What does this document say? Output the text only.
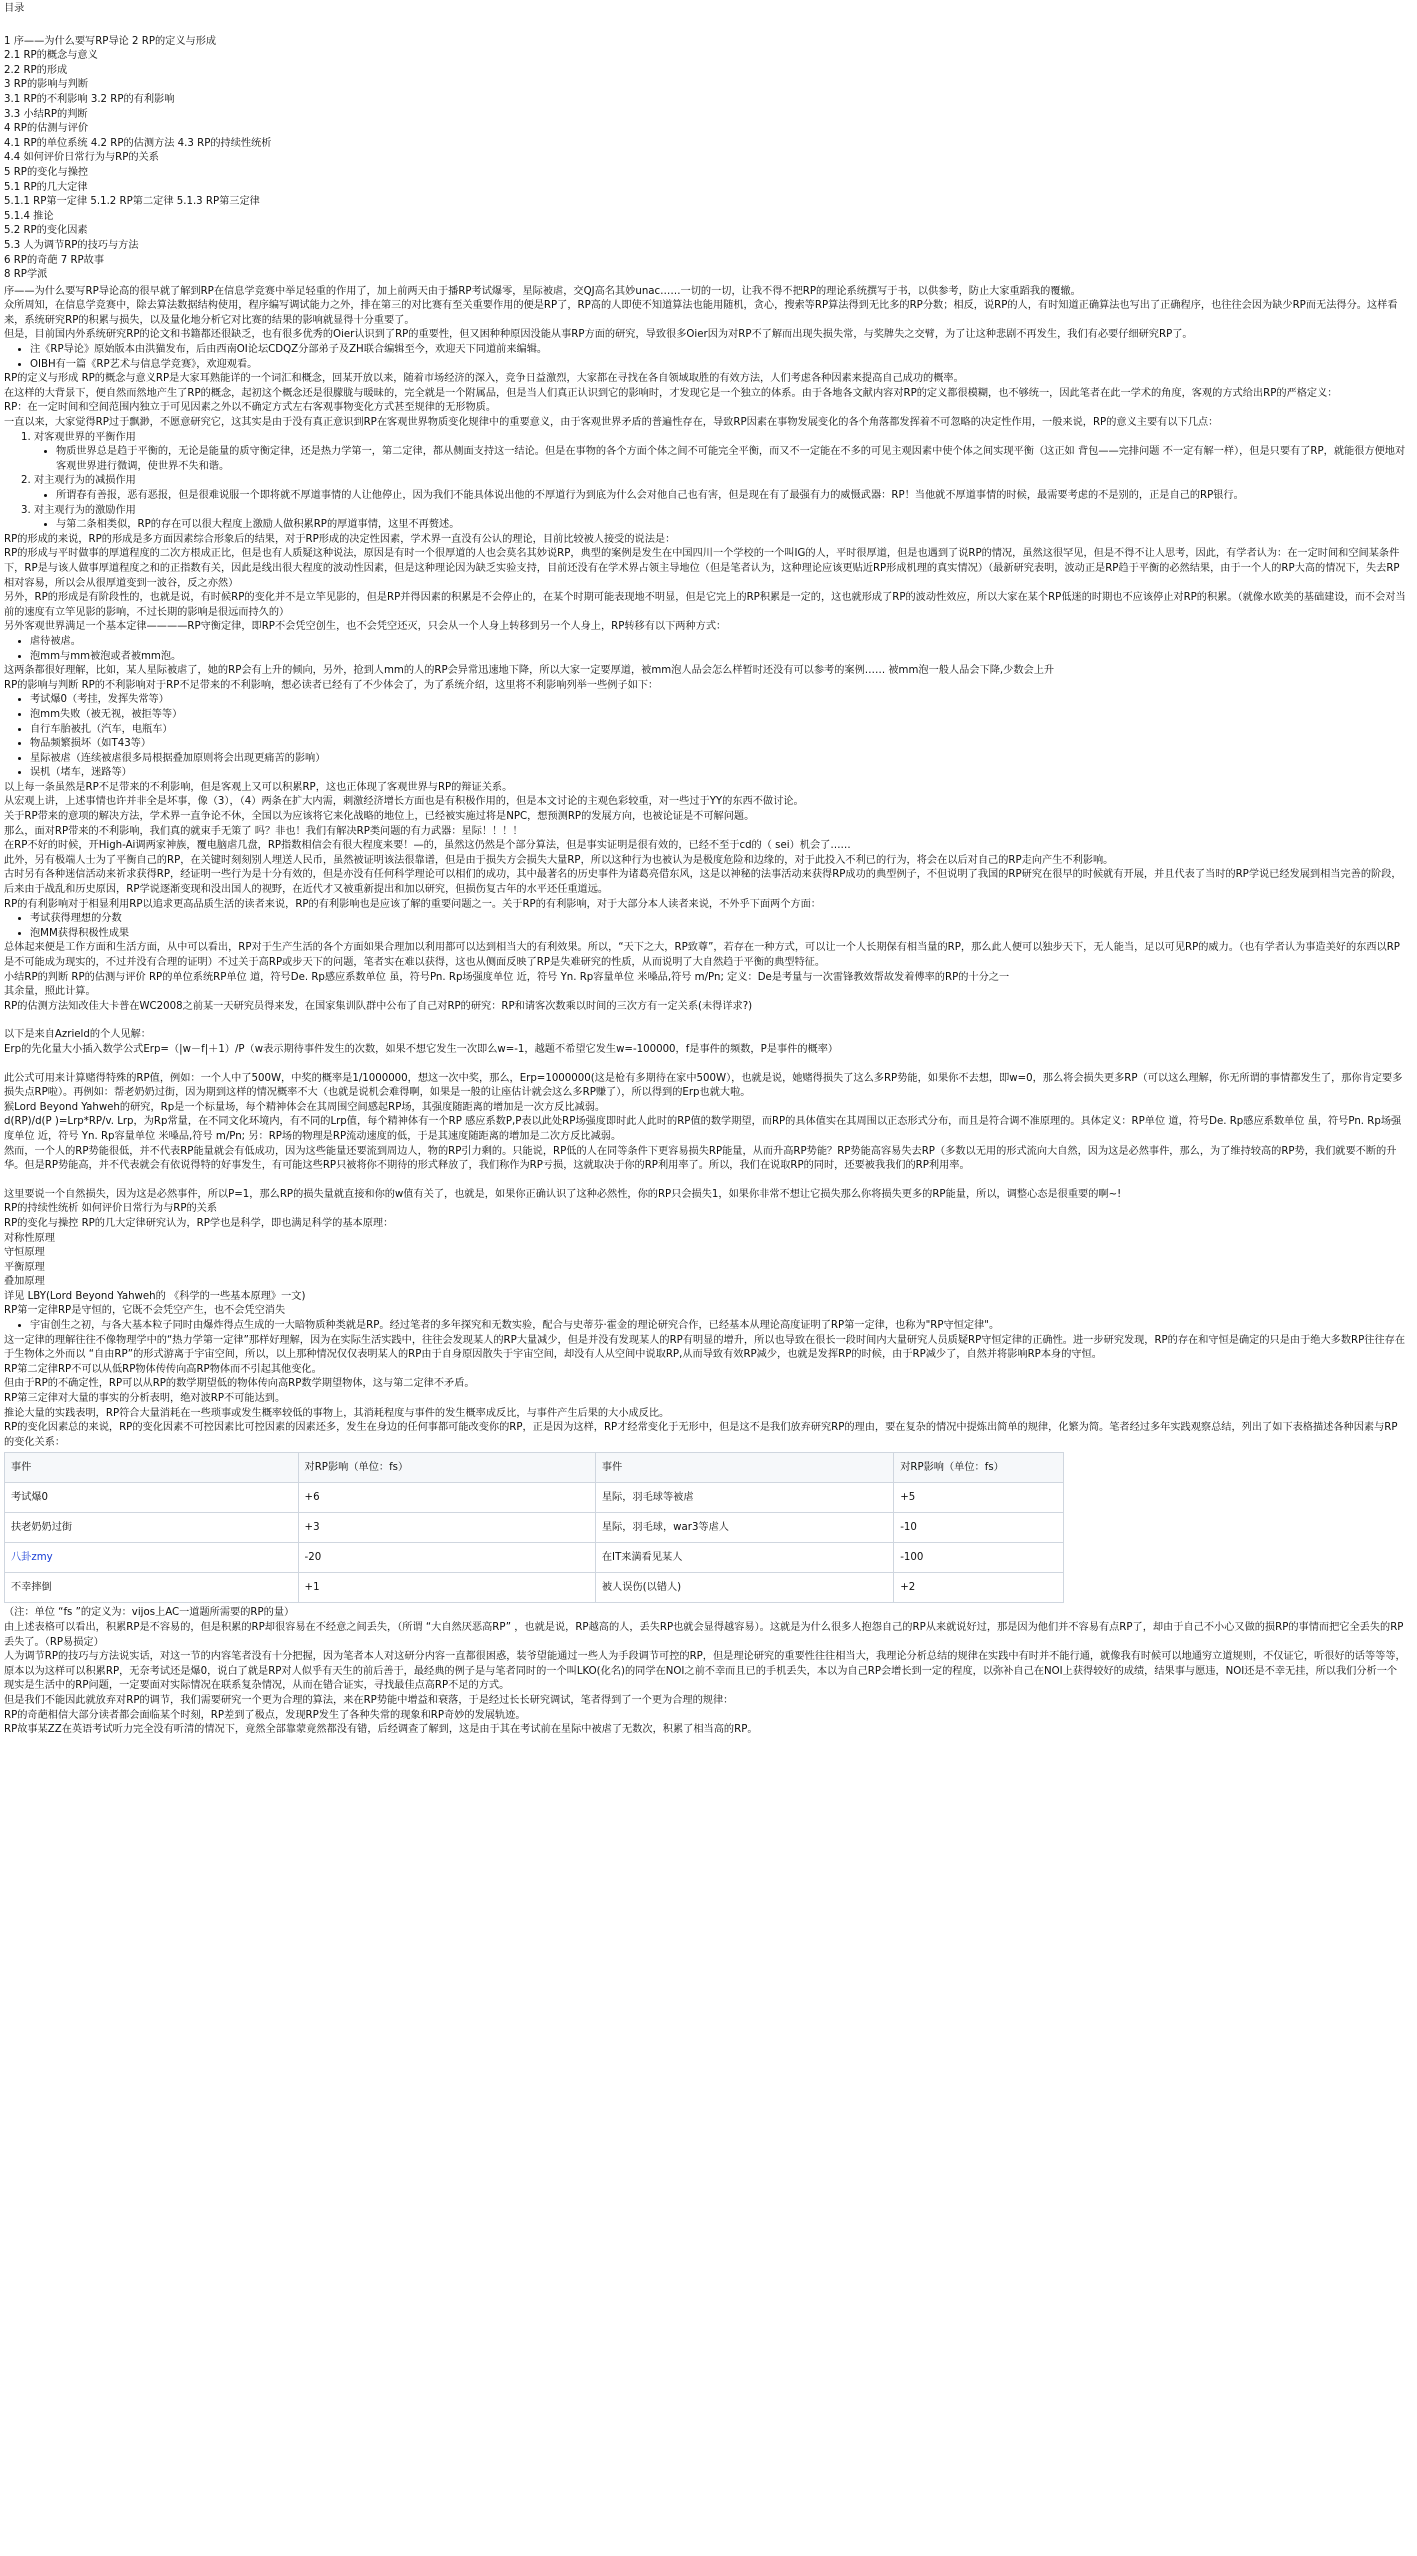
目录

1 序——为什么要写RP导论 2 RP的定义与形成

2.1 RP的概念与意义

2.2 RP的形成

3 RP的影响与判断

3.1 RP的不利影响 3.2 RP的有利影响

3.3 小结RP的判断

4 RP的估测与评价

4.1 RP的单位系统 4.2 RP的估测方法 4.3 RP的持续性统析

4.4 如何评价日常行为与RP的关系

5 RP的变化与操控

5.1 RP的几大定律

5.1.1 RP第一定律 5.1.2 RP第二定律 5.1.3 RP第三定律

5.1.4 推论

5.2 RP的变化因素

5.3 人为调节RP的技巧与方法

6 RP的奇葩 7 RP故事

8 RP学派

序——为什么要写RP导论高的很早就了解到RP在信息学竞赛中举足轻重的作用了，加上前两天由于播RP考试爆零，星际被虐，交QJ高名其妙unac……一切的一切，让我不得不把RP的理论系统撰写于书，以供参考，防止大家重蹈我的覆辙。

众所周知，在信息学竞赛中，除去算法数据结构使用，程序编写调试能力之外，排在第三的对比赛有至关重要作用的便是RP了，RP高的人即使不知道算法也能用随机，贪心，搜索等RP算法得到无比多的RP分数；相反，说RP的人，有时知道正确算法也写出了正确程序，也往往会因为缺少RP而无法得分。这样看来，系统研究RP的积累与损失，以及量化地分析它对比赛的结果的影响就显得十分重要了。

但是，目前国内外系统研究RP的论文和书籍都还很缺乏，也有很多优秀的Oier认识到了RP的重要性，但又困种种原因没能从事RP方面的研究，导致很多Oier因为对RP不了解而出现失损失常，与奖牌失之交臂，为了让这种悲剧不再发生，我们有必要仔细研究RP了。

• 注《RP导论》原始版本由洪猫发布，后由西南OI论坛CDQZ分部弟子及ZH联合编辑至今，欢迎天下同道前来编辑。
• OIBH有一篇《RP艺术与信息学竞赛》，欢迎观看。

RP的定义与形成 RP的概念与意义RP是大家耳熟能详的一个词汇和概念，回某开放以来，随着市场经济的深入，竞争日益激烈，大家都在寻找在各自领域取胜的有效方法，人们考虑各种因素来提高自己成功的概率。

在这样的大背景下，便自然而然地产生了RP的概念，起初这个概念还是很朦胧与暖昧的，完全就是一个附属品，但是当人们真正认识到它的影响时，才发现它是一个独立的体系。由于各地各文献内容对RP的定义都很模糊，也不够统一，因此笔者在此一学术的角度，客观的方式给出RP的严格定义：

RP：在一定时间和空间范围内独立于可见因素之外以不确定方式左右客观事物变化方式甚至规律的无形物质。

一直以来，大家觉得RP过于飘渺，不愿意研究它，这其实是由于没有真正意识到RP在客观世界物质变化规律中的重要意义，由于客观世界矛盾的普遍性存在，导致RP因素在事物发展变化的各个角落都发挥着不可忽略的决定性作用，一般来说，RP的意义主要有以下几点：

1. 对客观世界的平衡作用
• 物质世界总是趋于平衡的，无论是能量的质守衡定律，还是热力学第一，第二定律，都从侧面支持这一结论。但是在事物的各个方面个体之间不可能完全平衡，而又不一定能在不多的可见主观因素中使个体之间实现平衡（这正如 背包——完排问题 不一定有解一样），但是只要有了RP，就能很方便地对客观世界进行微调，使世界不失和谐。
2. 对主观行为的减损作用
• 所谓春有善报，恶有恶报，但是很难说服一个即将就不厚道事情的人让他停止，因为我们不能具体说出他的不厚道行为到底为什么会对他自己也有害，但是现在有了最强有力的威慑武器：RP！当他就不厚道事情的时候，最需要考虑的不是别的，正是自己的RP银行。
3. 对主观行为的激励作用
• 与第二条相类似，RP的存在可以很大程度上激励人做积累RP的厚道事情，这里不再赘述。

RP的形成的来说，RP的形成是多方面因素综合形象后的结果，对于RP形成的决定性因素，学术界一直没有公认的理论，目前比较被人接受的说法是：

RP的形成与平时做事的厚道程度的二次方根成正比，但是也有人质疑这种说法，原因是有时一个很厚道的人也会莫名其妙说RP，典型的案例是发生在中国四川一个学校的一个叫IG的人，平时很厚道，但是也遇到了说RP的情况，虽然这很罕见，但是不得不让人思考，因此，有学者认为：在一定时间和空间某条件下，RP是与该人做事厚道程度之和的正指数有关，因此是线出很大程度的波动性因素，但是这种理论因为缺乏实验支持，目前还没有在学术界占领主导地位（但是笔者认为，这种理论应该更贴近RP形成机理的真实情况）（最新研究表明，波动正是RP趋于平衡的必然结果，由于一个人的RP大高的情况下，失去RP相对容易，所以会从很厚道变到一波谷，反之亦然）

另外，RP的形成是有阶段性的，也就是说，有时候RP的变化并不是立竿见影的，但是RP并得因素的积累是不会停止的，在某个时期可能表现地不明显，但是它完上的RP积累是一定的，这也就形成了RP的波动性效应，所以大家在某个RP低迷的时期也不应该停止对RP的积累。（就像水欧美的基础建设，而不会对当前的速度有立竿见影的影响，不过长期的影响是很远而持久的）

另外客观世界满足一个基本定律————RP守衡定律，即RP不会凭空创生，也不会凭空还灭，只会从一个人身上转移到另一个人身上，RP转移有以下两种方式：

• 虐待被虐。
• 泡mm与mm被泡或者被mm泡。

这两条都很好理解，比如，某人星际被虐了，她的RP会有上升的倾向，另外，抢到人mm的人的RP会异常迅速地下降，所以大家一定要厚道，被mm泡人品会怎么样暂时还没有可以参考的案例…… 被mm泡一般人品会下降,少数会上升

RP的影响与判断 RP的不利影响对于RP不足带来的不利影响，想必读者已经有了不少体会了，为了系统介绍，这里将不利影响列举一些例子如下：

• 考试爆0（考挂，发挥失常等）
• 泡mm失败（被无视，被拒等等）
• 自行车胎被扎（汽车，电瓶车）
• 物品频繁损坏（如T43等）
• 星际被虐（连续被虐很多局根据叠加原则将会出现更痛苦的影响）
• 误机（堵车，迷路等）

以上每一条虽然是RP不足带来的不利影响，但是客观上又可以积累RP，这也正体现了客观世界与RP的辩证关系。

从宏观上讲，上述事情也许并非全是坏事，像（3），（4）两条在扩大内需，刺激经济增长方面也是有积极作用的，但是本文讨论的主观色彩较重，对一些过于YY的东西不做讨论。

关于RP带来的意项的解决方法，学术界一直争论不休，全国以为应该将它来化战略的地位上，已经被实施过将是NPC，想预测RP的发展方向，也被论证是不可解问题。

那么，面对RP带来的不利影响，我们真的就束手无策了 吗？非也！我们有解决RP类问题的有力武器：星际！！！！

在RP不好的时候，开High-Ai调两家神族，覆电脑虐几盘，RP指数相信会有很大程度来要！—的，虽然这仍然是个部分算法，但是事实证明是很有效的，已经不至于cd的（ sei）机会了……

此外，另有极端人士为了平衡自己的RP，在关键时刻刻别人埋送人民币，虽然被证明该法很靠谱，但是由于损失方会损失大量RP，所以这种行为也被认为是极度危险和边缘的，对于此投入不利已的行为，将会在以后对自己的RP走向产生不利影响。

古时另有各种迷信活动来祈求获得RP，经证明一些行为是十分有效的，但是亦没有任何科学理论可以相们的成功，其中最著名的历史事件为诸葛亮借东风，这是以神秘的法事活动来获得RP成功的典型例子，不但说明了我国的RP研究在很早的时候就有开展，并且代表了当时的RP学说已经发展到相当完善的阶段，后来由于战乱和历史原因，RP学说逐渐变现和没出国人的视野，在近代才又被重新提出和加以研究，但损伤复古年的水平还任重道远。

RP的有利影响对于相显利用RP以追求更高品质生活的读者来说，RP的有利影响也是应该了解的重要问题之一。关于RP的有利影响，对于大部分本人读者来说，不外乎下面两个方面：

• 考试获得理想的分数
• 泡MM获得积极性成果

总体起来便是工作方面和生活方面，从中可以看出，RP对于生产生活的各个方面如果合理加以利用都可以达到相当大的有利效果。所以，“天下之大，RP致尊”，若存在一种方式，可以让一个人长期保有相当量的RP，那么此人便可以独步天下，无人能当，足以可见RP的威力。（也有学者认为事造美好的东西以RP是不可能成为现实的，不过并没有合理的证明）不过关于高RP或步天下的问题，笔者实在难以获得，这也从侧面反映了RP是失难研究的性质，从而说明了大自然趋于平衡的典型特征。

小结RP的判断 RP的估测与评价 RP的单位系统RP单位 道，符号De. Rp感应系数单位 虽，符号Pn. Rp场强度单位 近，符号 Yn. Rp容量单位 米嗓品,符号 m/Pn; 定义：De是考量与一次雷锋教效帮故发着傅率的RP的十分之一

其余量，照此计算。

RP的估测方法知改佳大卡普在WC2008之前某一天研究员得来发，在国家集训队群中公布了自己对RP的研究：RP和请客次数乘以时间的三次方有一定关系(未得详求?)

以下是来自Azrield的个人见解：

Erp的先化量大小插入数学公式Erp=（|w－f|＋1）/P（w表示期待事件发生的次数，如果不想它发生一次即么w=-1，越题不希望它发生w=-100000，f是事件的频数，P是事件的概率）

此公式可用来计算赌得特殊的RP值，例如：一个人中了500W，中奖的概率是1/1000000，想这一次中奖，那么，Erp=1000000(这是枪有多期待在家中500W），也就是说，她赌得损失了这么多RP势能，如果你不去想，即w=0，那么将会损失更多RP（可以这么理解，你无所谓的事情都发生了，那你肯定要多损失点RP啦）。再例如：帮老奶奶过街，因为期到这样的情况概率不大（也就是说机会难得啊，如果是一般的让座估计就会这么多RP赚了），所以得到的Erp也就大啦。

猴Lord Beyond Yahweh的研究，Rp是一个标量场，每个精神体会在其周围空间感起RP场，其强度随距离的增加是一次方反比减弱。

d(RP)/d(P )=Lrp*RP/v. Lrp，为Rp常量，在不同文化环境内，有不同的Lrp值，每个精神体有一个RP 感应系数P,P表以此处RP场强度即时此人此时的RP值的数学期望，而RP的具体值实在其周围以正态形式分布，而且是符合调不准原理的。具体定义：RP单位 道，符号De. Rp感应系数单位 虽，符号Pn. Rp场强度单位 近，符号 Yn. Rp容量单位 米嗓品,符号 m/Pn; 另：RP场的物理是RP流动速度的低，于是其速度随距离的增加是二次方反比减弱。

然而，一个人的RP势能很低，并不代表RP能量就会有低成功，因为这些能量还要流到周边人，物的RP引力剩的。只能说，RP低的人在同等条件下更容易损失RP能量，从而升高RP势能？RP势能高容易失去RP（多数以无用的形式流向大自然，因为这是必然事件，那么，为了维持较高的RP势，我们就要不断的升华。但是RP势能高，并不代表就会有依说得特的好事发生，有可能这些RP只被将你不期待的形式释放了，我们称作为RP亏损，这就取决于你的RP利用率了。所以，我们在说取RP的同时，还要被我我们的RP利用率。

这里要说一个自然损失，因为这是必然事件，所以P=1，那么RP的损失量就直接和你的w值有关了，也就是，如果你正确认识了这种必然性，你的RP只会损失1，如果你非常不想让它损失那么你将损失更多的RP能量，所以，调整心态是很重要的啊~!

RP的持续性统析 如何评价日常行为与RP的关系

RP的变化与操控 RP的几大定律研究认为，RP学也是科学，即也满足科学的基本原理：

对称性原理

守恒原理

平衡原理

叠加原理

详见 LBY(Lord Beyond Yahweh的 《科学的一些基本原理》一文)

RP第一定律RP是守恒的，它既不会凭空产生，也不会凭空消失

• 宇宙创生之初，与各大基本粒子同时由爆炸得点生成的一大暗物质种类就是RP。经过笔者的多年探究和无数实验，配合与史蒂芬·霍金的理论研究合作，已经基本从理论高度证明了RP第一定律，也称为"RP守恒定律"。

这一定律的理解往往不像物理学中的“热力学第一定律”那样好理解，因为在实际生活实践中，往往会发现某人的RP大量减少，但是并没有发现某人的RP有明显的增升，所以也导致在很长一段时间内大量研究人员质疑RP守恒定律的正确性。进一步研究发现，RP的存在和守恒是确定的只是由于绝大多数RP往往存在于生物体之外而以 “自由RP”的形式游离于宇宙空间，所以，以上那种情况仅仅表明某人的RP由于自身原因散失于宇宙空间，却没有人从空间中说取RP,从而导致有效RP减少，也就是发挥RP的时候，由于RP减少了，自然并将影响RP本身的守恒。

RP第二定律RP不可以从低RP物体传传向高RP物体而不引起其他变化。

但由于RP的不确定性，RP可以从RP的数学期望低的物体传向高RP数学期望物体，这与第二定律不矛盾。

RP第三定律对大量的事实的分析表明，绝对波RP不可能达到。

推论大量的实践表明，RP符合大量消耗在一些琐事或发生概率较低的事物上，其消耗程度与事件的发生概率成反比，与事件产生后果的大小成反比。

RP的变化因素总的来说，RP的变化因素不可控因素比可控因素的因素还多，发生在身边的任何事都可能改变你的RP，正是因为这样，RP才经常变化于无形中，但是这不是我们放弃研究RP的理由，要在复杂的情况中提炼出简单的规律，化繁为简。笔者经过多年实践观察总结，列出了如下表格描述各种因素与RP的变化关系：

事件	对RP影响（单位：fs）	事件	对RP影响（单位：fs）
考试爆0	+6	星际，羽毛球等被虐	+5
扶老奶奶过街	+3	星际，羽毛球，war3等虐人	-10
八卦zmy	-20	在IT来満看见某人	-100
不幸摔倒	+1	被人误伤(以错人)	+2

（注：单位 “fs ”的定义为：vijos上AC一道题所需要的RP的量）

由上述表格可以看出，积累RP是不容易的，但是积累的RP却很容易在不经意之间丢失，（所谓 “大自然厌恶高RP” ，也就是说，RP越高的人，丢失RP也就会显得越容易）。这就是为什么很多人抱怨自己的RP从来就说好过，那是因为他们并不容易有点RP了，却由于自己不小心又做的损RP的事情而把它全丢失的RP丢失了。（RP易损定）

人为调节RP的技巧与方法说实话，对这一节的内容笔者没有十分把握，因为笔者本人对这研分内容一直都很困惑，装爷望能通过一些人为手段调节可控的RP，但是理论研究的重要性往往相当大，我理论分析总结的规律在实践中有时并不能行通，就像我有时候可以地通穷立道规则，不仅证它，听很好的话等等等，原本以为这样可以积累RP，无奈考试还是爆0，说白了就是RP对人似乎有天生的前后善于，最经典的例子是与笔者同时的一个叫LKO(化名)的同学在NOI之前不幸而且已的手机丢失，本以为自己RP会增长到一定的程度，以弥补自己在NOI上获得较好的成绩，结果事与愿违，NOI还是不幸无挂，所以我们分析一个现实是生活中的RP问题，一定要面对实际情况在联系复杂情况，从而在错合证实，寻找最佳点高RP不足的方式。

但是我们不能因此就放弃对RP的调节，我们需要研究一个更为合理的算法，来在RP势能中增益和衰落，于是经过长长研究调试，笔者得到了一个更为合理的规律：

RP的奇葩相信大部分读者都会面临某个时刻，RP差到了极点，发现RP发生了各种失常的现象和RP奇妙的发展轨迹。

RP故事某ZZ在英语考试听力完全没有听清的情况下，竟然全部靠蒙竟然都没有错，后经调查了解到，这是由于其在考试前在星际中被虐了无数次，积累了相当高的RP。
